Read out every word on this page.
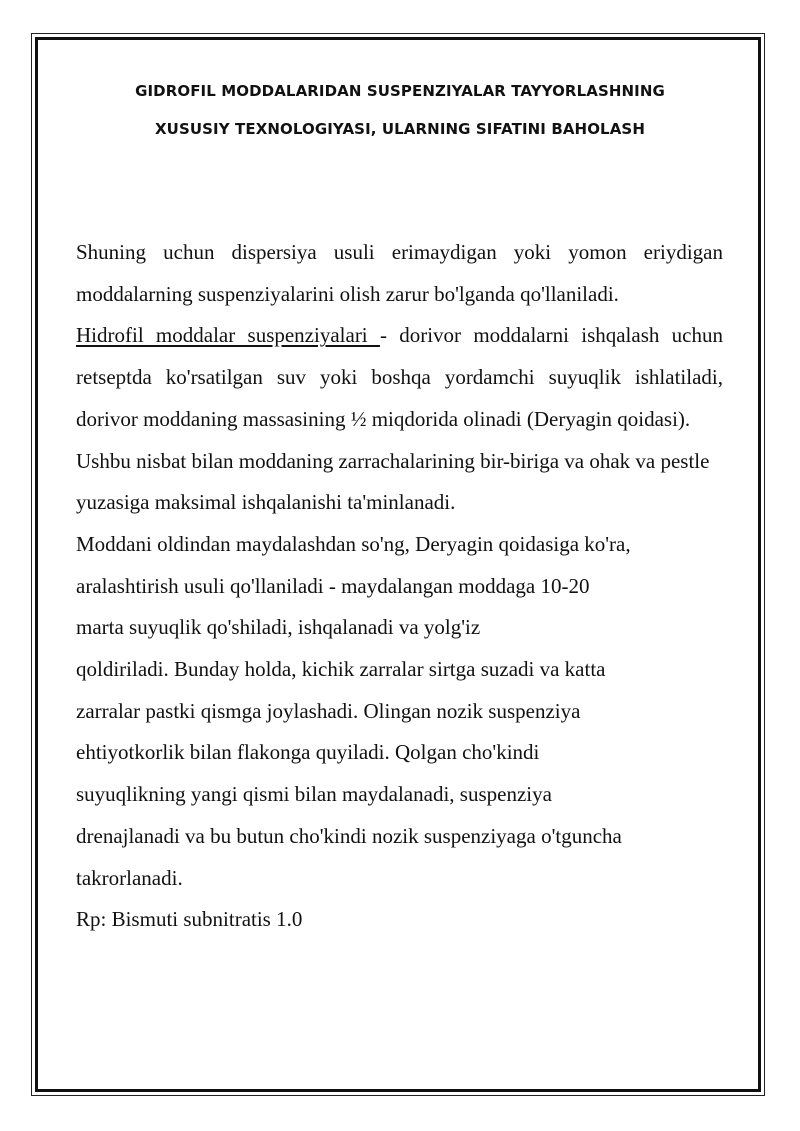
GIDROFIL MODDALARIDAN SUSPENZIYALAR TAYYORLASHNING
XUSUSIY TEXNOLOGIYASI, ULARNING SIFATINI BAHOLASH

Shuning uchun dispersiya usuli erimaydigan yoki yomon eriydigan moddalarning suspenziyalarini olish zarur bo'lganda qo'llaniladi.

Hidrofil moddalar suspenziyalari - dorivor moddalarni ishqalash uchun retseptda ko'rsatilgan suv yoki boshqa yordamchi suyuqlik ishlatiladi, dorivor moddaning massasining ½ miqdorida olinadi (Deryagin qoidasi).

Ushbu nisbat bilan moddaning zarrachalarining bir-biriga va ohak va pestle yuzasiga maksimal ishqalanishi ta'minlanadi.

Moddani oldindan maydalashdan so'ng, Deryagin qoidasiga ko'ra,
aralashtirish usuli qo'llaniladi - maydalangan moddaga 10-20
marta suyuqlik qo'shiladi, ishqalanadi va yolg'iz

qoldiriladi. Bunday holda, kichik zarralar sirtga suzadi va katta
zarralar pastki qismga joylashadi. Olingan nozik suspenziya
ehtiyotkorlik bilan flakonga quyiladi. Qolgan cho'kindi
suyuqlikning yangi qismi bilan maydalanadi, suspenziya
drenajlanadi va bu butun cho'kindi nozik suspenziyaga o'tguncha
takrorlanadi.

Rp: Bismuti subnitratis 1.0
